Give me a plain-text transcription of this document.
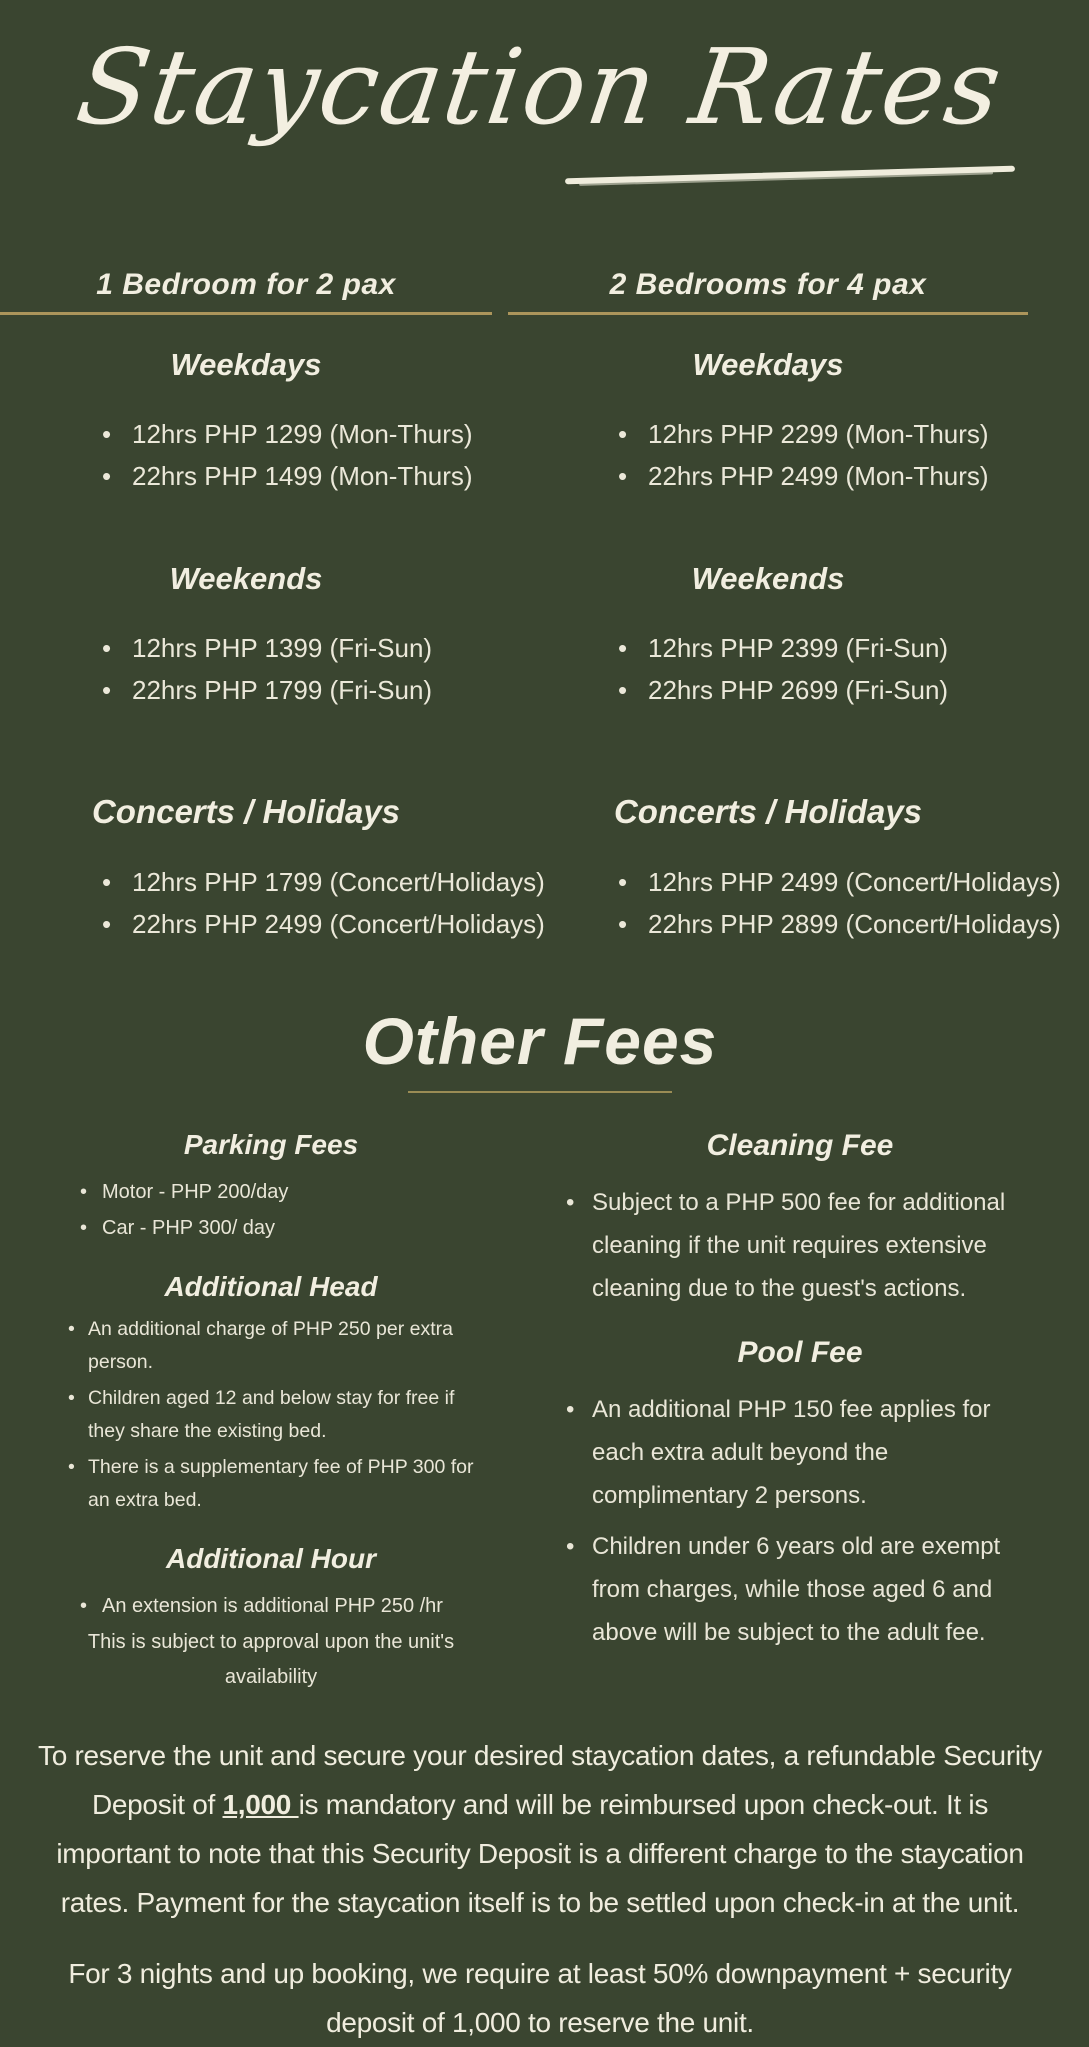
Staycation Rates
1 Bedroom for 2 pax
Weekdays
• 12hrs PHP 1299 (Mon-Thurs)
• 22hrs PHP 1499 (Mon-Thurs)
Weekends
• 12hrs PHP 1399 (Fri-Sun)
• 22hrs PHP 1799 (Fri-Sun)
Concerts / Holidays
• 12hrs PHP 1799 (Concert/Holidays)
• 22hrs PHP 2499 (Concert/Holidays)
2 Bedrooms for 4 pax
Weekdays
• 12hrs PHP 2299 (Mon-Thurs)
• 22hrs PHP 2499 (Mon-Thurs)
Weekends
• 12hrs PHP 2399 (Fri-Sun)
• 22hrs PHP 2699 (Fri-Sun)
Concerts / Holidays
• 12hrs PHP 2499 (Concert/Holidays)
• 22hrs PHP 2899 (Concert/Holidays)
Other Fees
Parking Fees
• Motor - PHP 200/day
• Car - PHP 300/ day
Additional Head
• An additional charge of PHP 250 per extra person.
• Children aged 12 and below stay for free if they share the existing bed.
• There is a supplementary fee of PHP 300 for an extra bed.
Additional Hour
• An extension is additional PHP 250 /hr

This is subject to approval upon the unit's availability

Cleaning Fee
• Subject to a PHP 500 fee for additional cleaning if the unit requires extensive cleaning due to the guest's actions.
Pool Fee
• An additional PHP 150 fee applies for each extra adult beyond the complimentary 2 persons.
• Children under 6 years old are exempt from charges, while those aged 6 and above will be subject to the adult fee.

To reserve the unit and secure your desired staycation dates, a refundable Security Deposit of 1,000 is mandatory and will be reimbursed upon check-out. It is important to note that this Security Deposit is a different charge to the staycation rates. Payment for the staycation itself is to be settled upon check-in at the unit.

For 3 nights and up booking, we require at least 50% downpayment + security deposit of 1,000 to reserve the unit.
